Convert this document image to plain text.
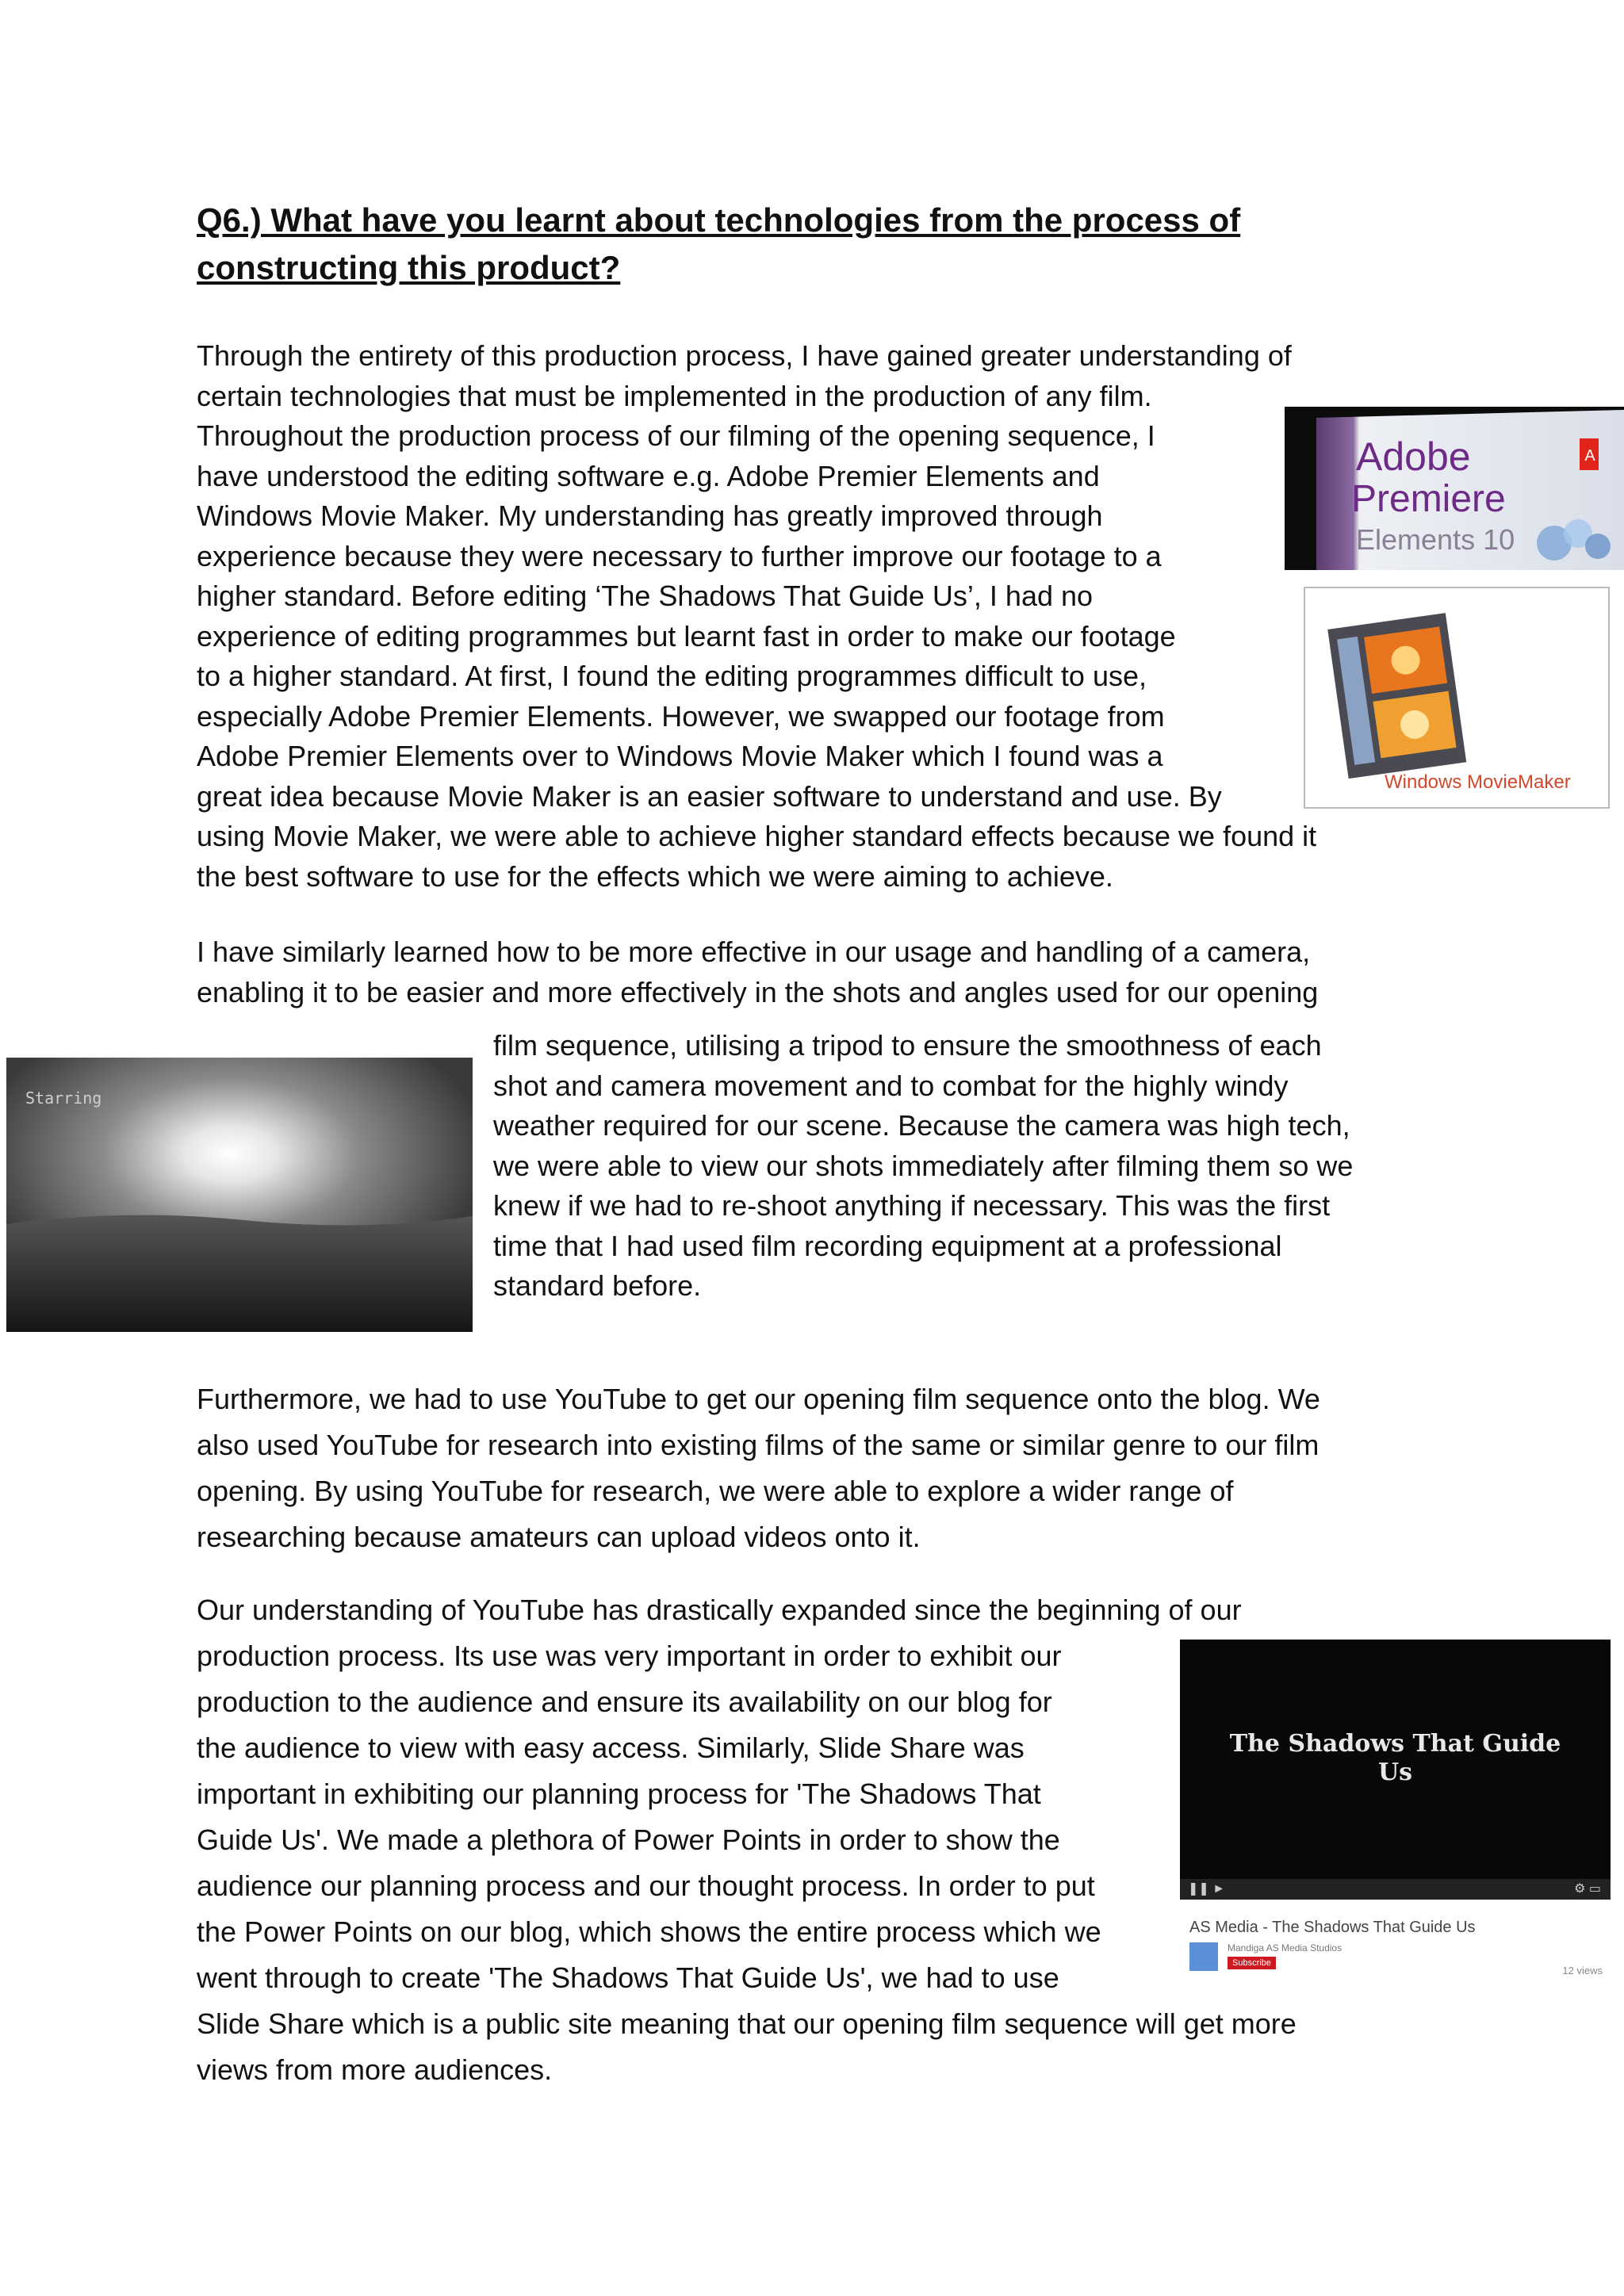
Q6.) What have you learnt about technologies from the process of
constructing this product?
Through the entirety of this production process, I have gained greater understanding of
certain technologies that must be implemented in the production of any film.
Throughout the production process of our filming of the opening sequence, I
have understood the editing software e.g. Adobe Premier Elements and
Windows Movie Maker. My understanding has greatly improved through
experience because they were necessary to further improve our footage to a
higher standard. Before editing ‘The Shadows That Guide Us’, I had no
experience of editing programmes but learnt fast in order to make our footage
to a higher standard. At first, I found the editing programmes difficult to use,
especially Adobe Premier Elements. However, we swapped our footage from
Adobe Premier Elements over to Windows Movie Maker which I found was a
great idea because Movie Maker is an easier software to understand and use. By
using Movie Maker, we were able to achieve higher standard effects because we found it
the best software to use for the effects which we were aiming to achieve.
I have similarly learned how to be more effective in our usage and handling of a camera,
enabling it to be easier and more effectively in the shots and angles used for our opening
film sequence, utilising a tripod to ensure the smoothness of each
shot and camera movement and to combat for the highly windy
weather required for our scene. Because the camera was high tech,
we were able to view our shots immediately after filming them so we
knew if we had to re-shoot anything if necessary. This was the first
time that I had used film recording equipment at a professional
standard before.
Furthermore, we had to use YouTube to get our opening film sequence onto the blog. We
also used YouTube for research into existing films of the same or similar genre to our film
opening. By using YouTube for research, we were able to explore a wider range of
researching because amateurs can upload videos onto it.
Our understanding of YouTube has drastically expanded since the beginning of our
production process. Its use was very important in order to exhibit our
production to the audience and ensure its availability on our blog for
the audience to view with easy access. Similarly, Slide Share was
important in exhibiting our planning process for 'The Shadows That
Guide Us'. We made a plethora of Power Points in order to show the
audience our planning process and our thought process. In order to put
the Power Points on our blog, which shows the entire process which we
went through to create 'The Shadows That Guide Us', we had to use
Slide Share which is a public site meaning that our opening film sequence will get more
views from more audiences.
A
Adobe
Premiere
Elements 10
Windows MovieMaker
Starring
The Shadows That Guide Us
❚❚ ►	⚙ ▭
AS Media - The Shadows That Guide Us
Mandiga AS Media Studios
Subscribe
12 views
